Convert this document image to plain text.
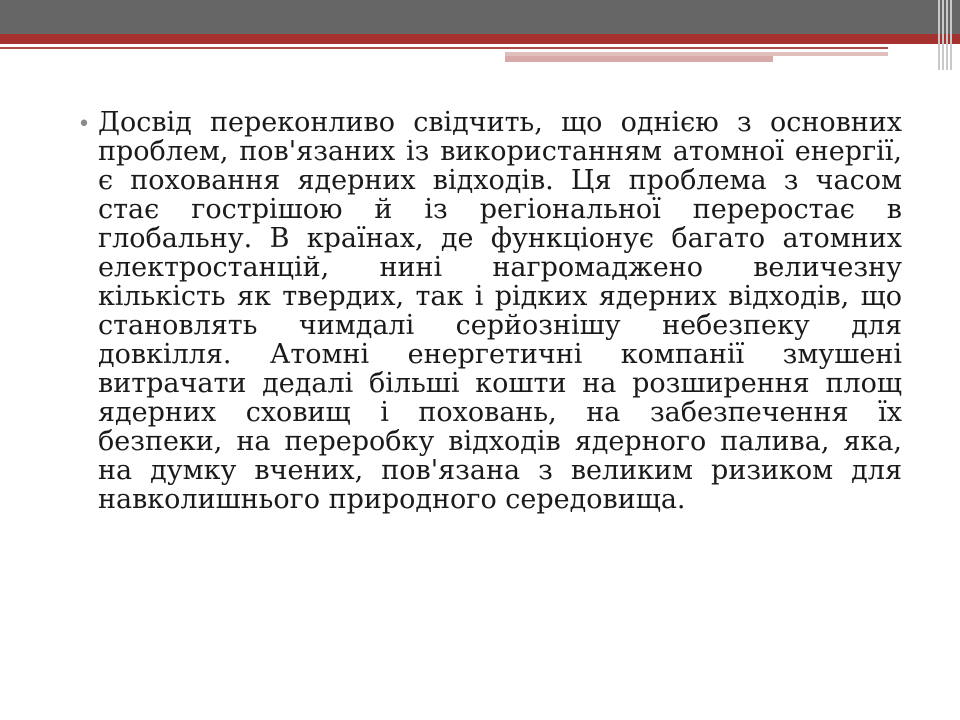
• Досвід переконливо свідчить, що однією з основних проблем, пов'язаних із використанням атомної енергії, є поховання ядерних відходів. Ця проблема з часом стає гострішою й із регіональної переростає в глобальну. В країнах, де функціонує багато атомних електростанцій, нині нагромаджено величезну кількість як твердих, так і рідких ядерних відходів, що становлять чимдалі серйознішу небезпеку для довкілля. Атомні енергетичні компанії змушені витрачати дедалі більші кошти на розширення площ ядерних сховищ і поховань, на забезпечення їх безпеки, на переробку відходів ядерного палива, яка, на думку вчених, пов'язана з великим ризиком для навколишнього природного середовища.
